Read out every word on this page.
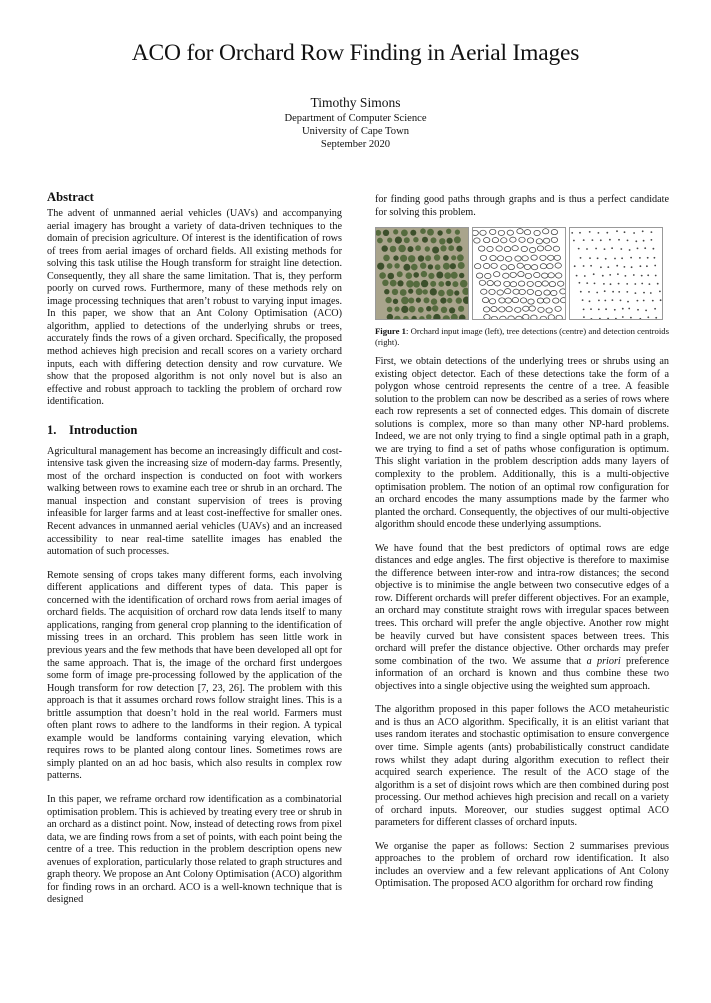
ACO for Orchard Row Finding in Aerial Images
Timothy Simons
Department of Computer Science
University of Cape Town
September 2020
Abstract

The advent of unmanned aerial vehicles (UAVs) and accompanying aerial imagery has brought a variety of data-driven techniques to the domain of precision agriculture. Of interest is the identification of rows of trees from aerial images of orchard fields. All existing methods for solving this task utilise the Hough transform for straight line detection. Consequently, they all share the same limitation. That is, they perform poorly on curved rows. Furthermore, many of these methods rely on image processing techniques that aren’t robust to varying input images. In this paper, we show that an Ant Colony Optimisation (ACO) algorithm, applied to detections of the underlying shrubs or trees, accurately finds the rows of a given orchard. Specifically, the proposed method achieves high precision and recall scores on a variety orchard inputs, each with differing detection density and row curvature. We show that the proposed algorithm is not only novel but is also an effective and robust approach to tackling the problem of orchard row identification.

1.    Introduction

Agricultural management has become an increasingly difficult and cost-intensive task given the increasing size of modern-day farms. Presently, most of the orchard inspection is conducted on foot with workers walking between rows to examine each tree or shrub in an orchard. The manual inspection and constant supervision of trees is proving infeasible for larger farms and at least cost-ineffective for smaller ones. Recent advances in unmanned aerial vehicles (UAVs) and an increased accessibility to near real-time satellite images has enabled the automation of such processes.

Remote sensing of crops takes many different forms, each involving different applications and different types of data. This paper is concerned with the identification of orchard rows from aerial images of orchard fields. The acquisition of orchard row data lends itself to many applications, ranging from general crop planning to the identification of missing trees in an orchard. This problem has seen little work in previous years and the few methods that have been developed all opt for the same approach. That is, the image of the orchard first undergoes some form of image pre-processing followed by the application of the Hough transform for row detection [7, 23, 26]. The problem with this approach is that it assumes orchard rows follow straight lines. This is a brittle assumption that doesn’t hold in the real world. Farmers must often plant rows to adhere to the landforms in their region. A typical example would be landforms containing varying elevation, which requires rows to be planted along contour lines. Sometimes rows are simply planted on an ad hoc basis, which also results in complex row patterns.

In this paper, we reframe orchard row identification as a combinatorial optimisation problem. This is achieved by treating every tree or shrub in an orchard as a distinct point. Now, instead of detecting rows from pixel data, we are finding rows from a set of points, with each point being the centre of a tree. This reduction in the problem description opens new avenues of exploration, particularly those related to graph structures and graph theory. We propose an Ant Colony Optimisation (ACO) algorithm for finding rows in an orchard. ACO is a well-known technique that is designed

for finding good paths through graphs and is thus a perfect candidate for solving this problem.

Figure 1: Orchard input image (left), tree detections (centre) and detection centroids (right).

First, we obtain detections of the underlying trees or shrubs using an existing object detector. Each of these detections take the form of a polygon whose centroid represents the centre of a tree. A feasible solution to the problem can now be described as a series of rows where each row represents a set of connected edges. This domain of discrete solutions is complex, more so than many other NP-hard problems. Indeed, we are not only trying to find a single optimal path in a graph, we are trying to find a set of paths whose configuration is optimum. This slight variation in the problem description adds many layers of complexity to the problem. Additionally, this is a multi-objective optimisation problem. The notion of an optimal row configuration for an orchard encodes the many assumptions made by the farmer who planted the orchard. Consequently, the objectives of our multi-objective algorithm should encode these underlying assumptions.

We have found that the best predictors of optimal rows are edge distances and edge angles. The first objective is therefore to maximise the difference between inter-row and intra-row distances; the second objective is to minimise the angle between two consecutive edges of a row. Different orchards will prefer different objectives. For an example, an orchard may constitute straight rows with irregular spaces between trees. This orchard will prefer the angle objective. Another row might be heavily curved but have consistent spaces between trees. This orchard will prefer the distance objective. Other orchards may prefer some combination of the two. We assume that a priori preference information of an orchard is known and thus combine these two objectives into a single objective using the weighted sum approach.

The algorithm proposed in this paper follows the ACO metaheuristic and is thus an ACO algorithm. Specifically, it is an elitist variant that uses random iterates and stochastic optimisation to ensure convergence over time. Simple agents (ants) probabilistically construct candidate rows whilst they adapt during algorithm execution to reflect their acquired search experience. The result of the ACO stage of the algorithm is a set of disjoint rows which are then combined during post processing. Our method achieves high precision and recall on a variety of orchard inputs. Moreover, our studies suggest optimal ACO parameters for different classes of orchard inputs.

We organise the paper as follows: Section 2 summarises previous approaches to the problem of orchard row identification. It also includes an overview and a few relevant applications of Ant Colony Optimisation. The proposed ACO algorithm for orchard row finding
